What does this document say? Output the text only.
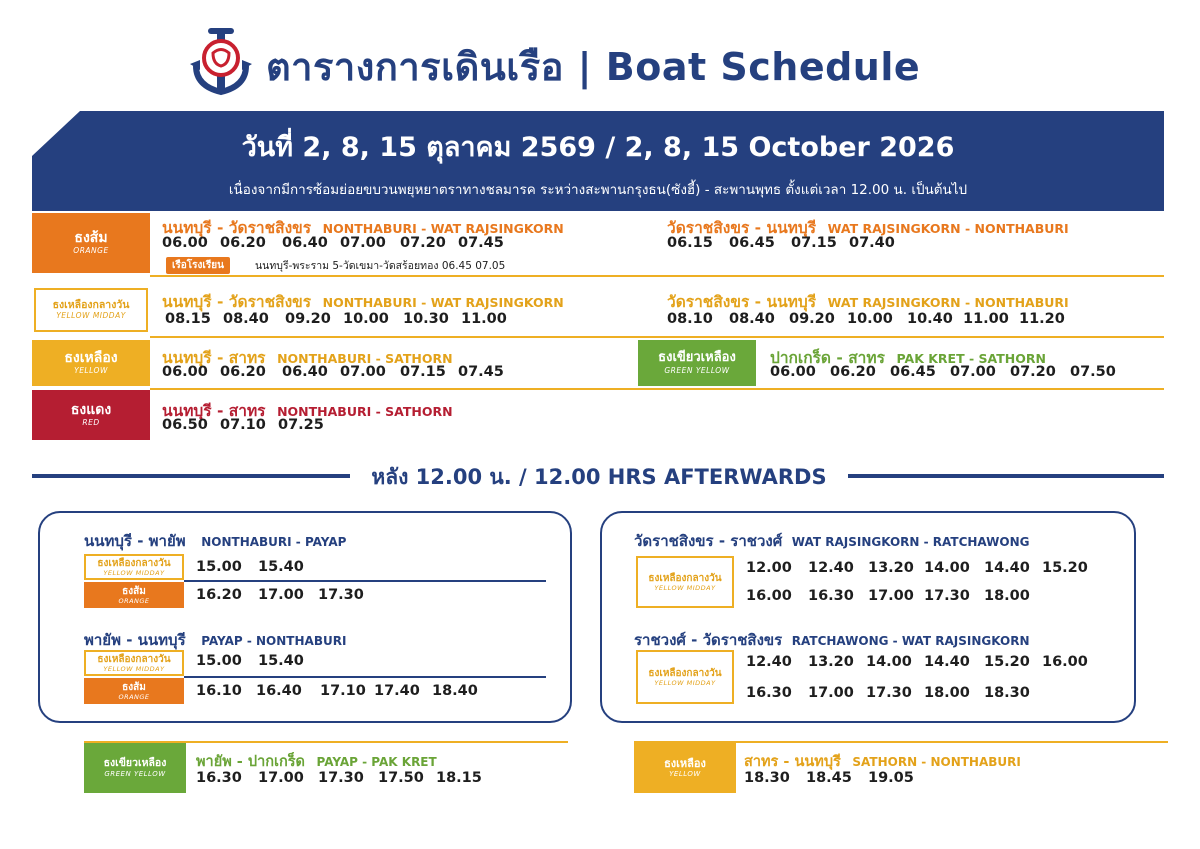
ตารางการเดินเรือ | Boat Schedule
วันที่ 2, 8, 15 ตุลาคม 2569 / 2, 8, 15 October 2026
เนื่องจากมีการซ้อมย่อยขบวนพยุหยาตราทางชลมารค ระหว่างสะพานกรุงธน(ซังฮี้) - สะพานพุทธ ตั้งแต่เวลา 12.00 น. เป็นต้นไป
ธงส้ม
ORANGE
นนทบุรี - วัดราชสิงขร NONTHABURI - WAT RAJSINGKORN
06.00 06.20	06.40 07.00 07.20 07.45
เรือโรงเรียน	นนทบุรี-พระราม 5-วัดเขมา-วัดสร้อยทอง 06.45 07.05
วัดราชสิงขร - นนทบุรี WAT RAJSINGKORN - NONTHABURI
06.15	06.45	07.15 07.40
ธงเหลืองกลางวัน
YELLOW MIDDAY
นนทบุรี - วัดราชสิงขร NONTHABURI - WAT RAJSINGKORN
08.15 08.40	09.20 10.00 10.30 11.00
วัดราชสิงขร - นนทบุรี WAT RAJSINGKORN - NONTHABURI
08.10	08.40 09.20 10.00 10.40 11.00 11.20
ธงเหลือง
YELLOW
นนทบุรี - สาทร NONTHABURI - SATHORN
06.00 06.20	06.40 07.00 07.15 07.45
ธงเขียวเหลือง
GREEN YELLOW
ปากเกร็ด - สาทร PAK KRET - SATHORN
06.00 06.20 06.45 07.00 07.20 07.50
ธงแดง
RED
นนทบุรี - สาทร NONTHABURI - SATHORN
06.50 07.10 07.25
หลัง 12.00 น. / 12.00 HRS AFTERWARDS
นนทบุรี - พายัพ NONTHABURI - PAYAP
ธงเหลืองกลางวัน
YELLOW MIDDAY 15.00	15.40
ธงส้ม
ORANGE	16.20	17.00 17.30
พายัพ - นนทบุรี PAYAP - NONTHABURI
ธงเหลืองกลางวัน
YELLOW MIDDAY 15.00	15.40
ธงส้ม
ORANGE	16.10 16.40	17.10 17.40 18.40
วัดราชสิงขร - ราชวงศ์ WAT RAJSINGKORN - RATCHAWONG
ธงเหลืองกลางวัน
YELLOW MIDDAY
12.00	12.40 13.20 14.00 14.40 15.20
16.00	16.30 17.00 17.30 18.00
ราชวงศ์ - วัดราชสิงขร RATCHAWONG - WAT RAJSINGKORN
ธงเหลืองกลางวัน
YELLOW MIDDAY
12.40	13.20 14.00 14.40 15.20 16.00
16.30	17.00 17.30 18.00 18.30
ธงเขียวเหลือง
GREEN YELLOW
พายัพ - ปากเกร็ด PAYAP - PAK KRET
16.30	17.00 17.30 17.50 18.15
ธงเหลือง
YELLOW
สาทร - นนทบุรี SATHORN - NONTHABURI
18.30	18.45	19.05
